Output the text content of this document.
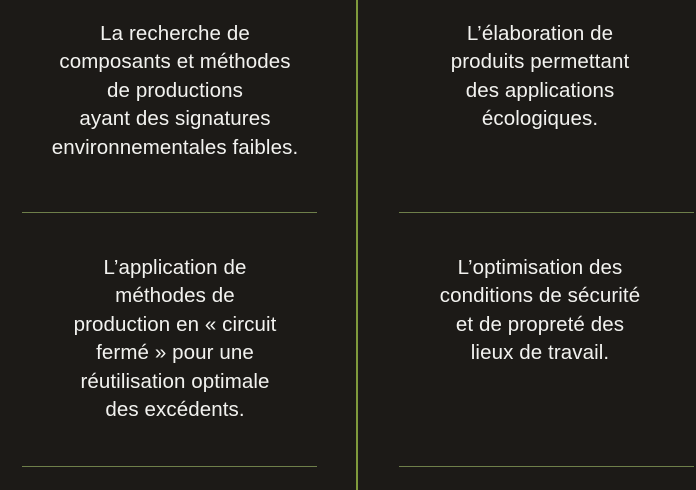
La recherche de
composants et méthodes
de productions
ayant des signatures
environnementales faibles.
L’élaboration de
produits permettant
des applications
écologiques.
L’application de
méthodes de
production en « circuit
fermé » pour une
réutilisation optimale
des excédents.
L’optimisation des
conditions de sécurité
et de propreté des
lieux de travail.
